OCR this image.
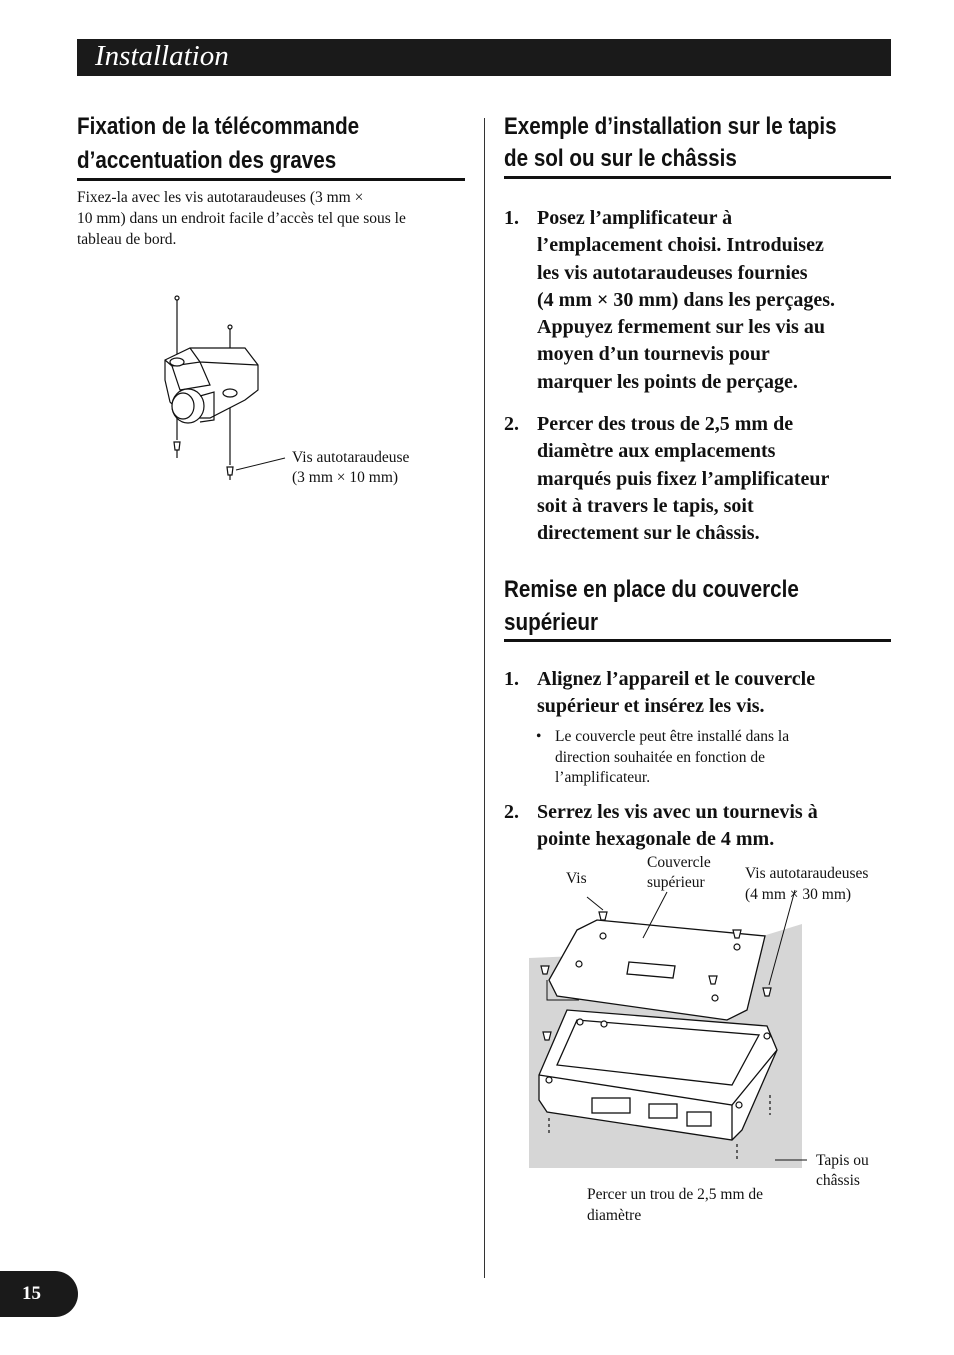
Installation
Fixation de la télécommande
d’accentuation des graves
Fixez-la avec les vis autotaraudeuses (3 mm ×
10 mm) dans un endroit facile d’accès tel que sous le
tableau de bord.
Vis autotaraudeuse
(3 mm × 10 mm)
Exemple d’installation sur le tapis
de sol ou sur le châssis
1. Posez l’amplificateur à
l’emplacement choisi. Introduisez
les vis autotaraudeuses fournies
(4 mm × 30 mm) dans les perçages.
Appuyez fermement sur les vis au
moyen d’un tournevis pour
marquer les points de perçage.
2. Percer des trous de 2,5 mm de
diamètre aux emplacements
marqués puis fixez l’amplificateur
soit à travers le tapis, soit
directement sur le châssis.
Remise en place du couvercle
supérieur
1. Alignez l’appareil et le couvercle
supérieur et insérez les vis.
• Le couvercle peut être installé dans la
direction souhaitée en fonction de
l’amplificateur.
2. Serrez les vis avec un tournevis à
pointe hexagonale de 4 mm.
Vis
Couvercle
supérieur
Vis autotaraudeuses
(4 mm × 30 mm)
Tapis ou
châssis
Percer un trou de 2,5 mm de
diamètre
15
